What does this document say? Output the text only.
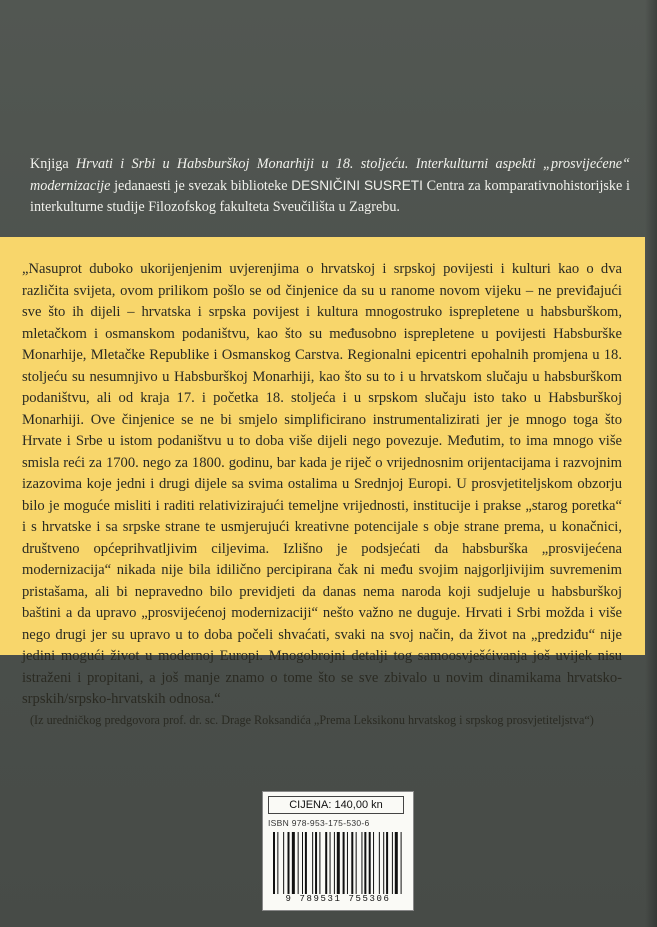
Knjiga Hrvati i Srbi u Habsburškoj Monarhiji u 18. stoljeću. Interkulturni aspekti „prosvijećene“ modernizacije jedanaesti je svezak biblioteke DESNIČINI SUSRETI Centra za komparativnohistorijske i interkulturne studije Filozofskog fakulteta Sveučilišta u Zagrebu.

„Nasuprot duboko ukorijenjenim uvjerenjima o hrvatskoj i srpskoj povijesti i kulturi kao o dva različita svijeta, ovom prilikom pošlo se od činjenice da su u ranome novom vijeku – ne previđajući sve što ih dijeli – hrvatska i srpska povijest i kultura mnogostruko isprepletene u habsburškom, mletačkom i osmanskom podaništvu, kao što su međusobno isprepletene u povijesti Habsburške Monarhije, Mletačke Republike i Osmanskog Carstva. Regionalni epicentri epohalnih promjena u 18. stoljeću su nesumnjivo u Habsburškoj Monarhiji, kao što su to i u hrvatskom slučaju u habsburškom podaništvu, ali od kraja 17. i početka 18. stoljeća i u srpskom slučaju isto tako u Habsburškoj Monarhiji. Ove činjenice se ne bi smjelo simplificirano instrumentalizirati jer je mnogo toga što Hrvate i Srbe u istom podaništvu u to doba više dijeli nego povezuje. Međutim, to ima mnogo više smisla reći za 1700. nego za 1800. godinu, bar kada je riječ o vrijednosnim orijentacijama i razvojnim izazovima koje jedni i drugi dijele sa svima ostalima u Srednjoj Europi. U prosvjetiteljskom obzorju bilo je moguće misliti i raditi relativizirajući temeljne vrijednosti, institucije i prakse „starog poretka“ i s hrvatske i sa srpske strane te usmjerujući kreativne potencijale s obje strane prema, u konačnici, društveno općeprihvatljivim ciljevima. Izlišno je podsjećati da habsburška „prosvijećena modernizacija“ nikada nije bila idilično percipirana čak ni među svojim najgorljivijim suvremenim pristašama, ali bi nepravedno bilo previdjeti da danas nema naroda koji sudjeluje u habsburškoj baštini a da upravo „prosvijećenoj modernizaciji“ nešto važno ne duguje. Hrvati i Srbi možda i više nego drugi jer su upravo u to doba počeli shvaćati, svaki na svoj način, da život na „predziđu“ nije jedini mogući život u modernoj Europi. Mnogobrojni detalji tog samoosvješćivanja još uvijek nisu istraženi i propitani, a još manje znamo o tome što se sve zbivalo u novim dinamikama hrvatsko-srpskih/srpsko-hrvatskih odnosa.“

(Iz uredničkog predgovora prof. dr. sc. Drage Roksandića „Prema Leksikonu hrvatskog i srpskog prosvjetiteljstva“)

CIJENA: 140,00 kn
ISBN 978-953-175-530-6
9 789531 755306
